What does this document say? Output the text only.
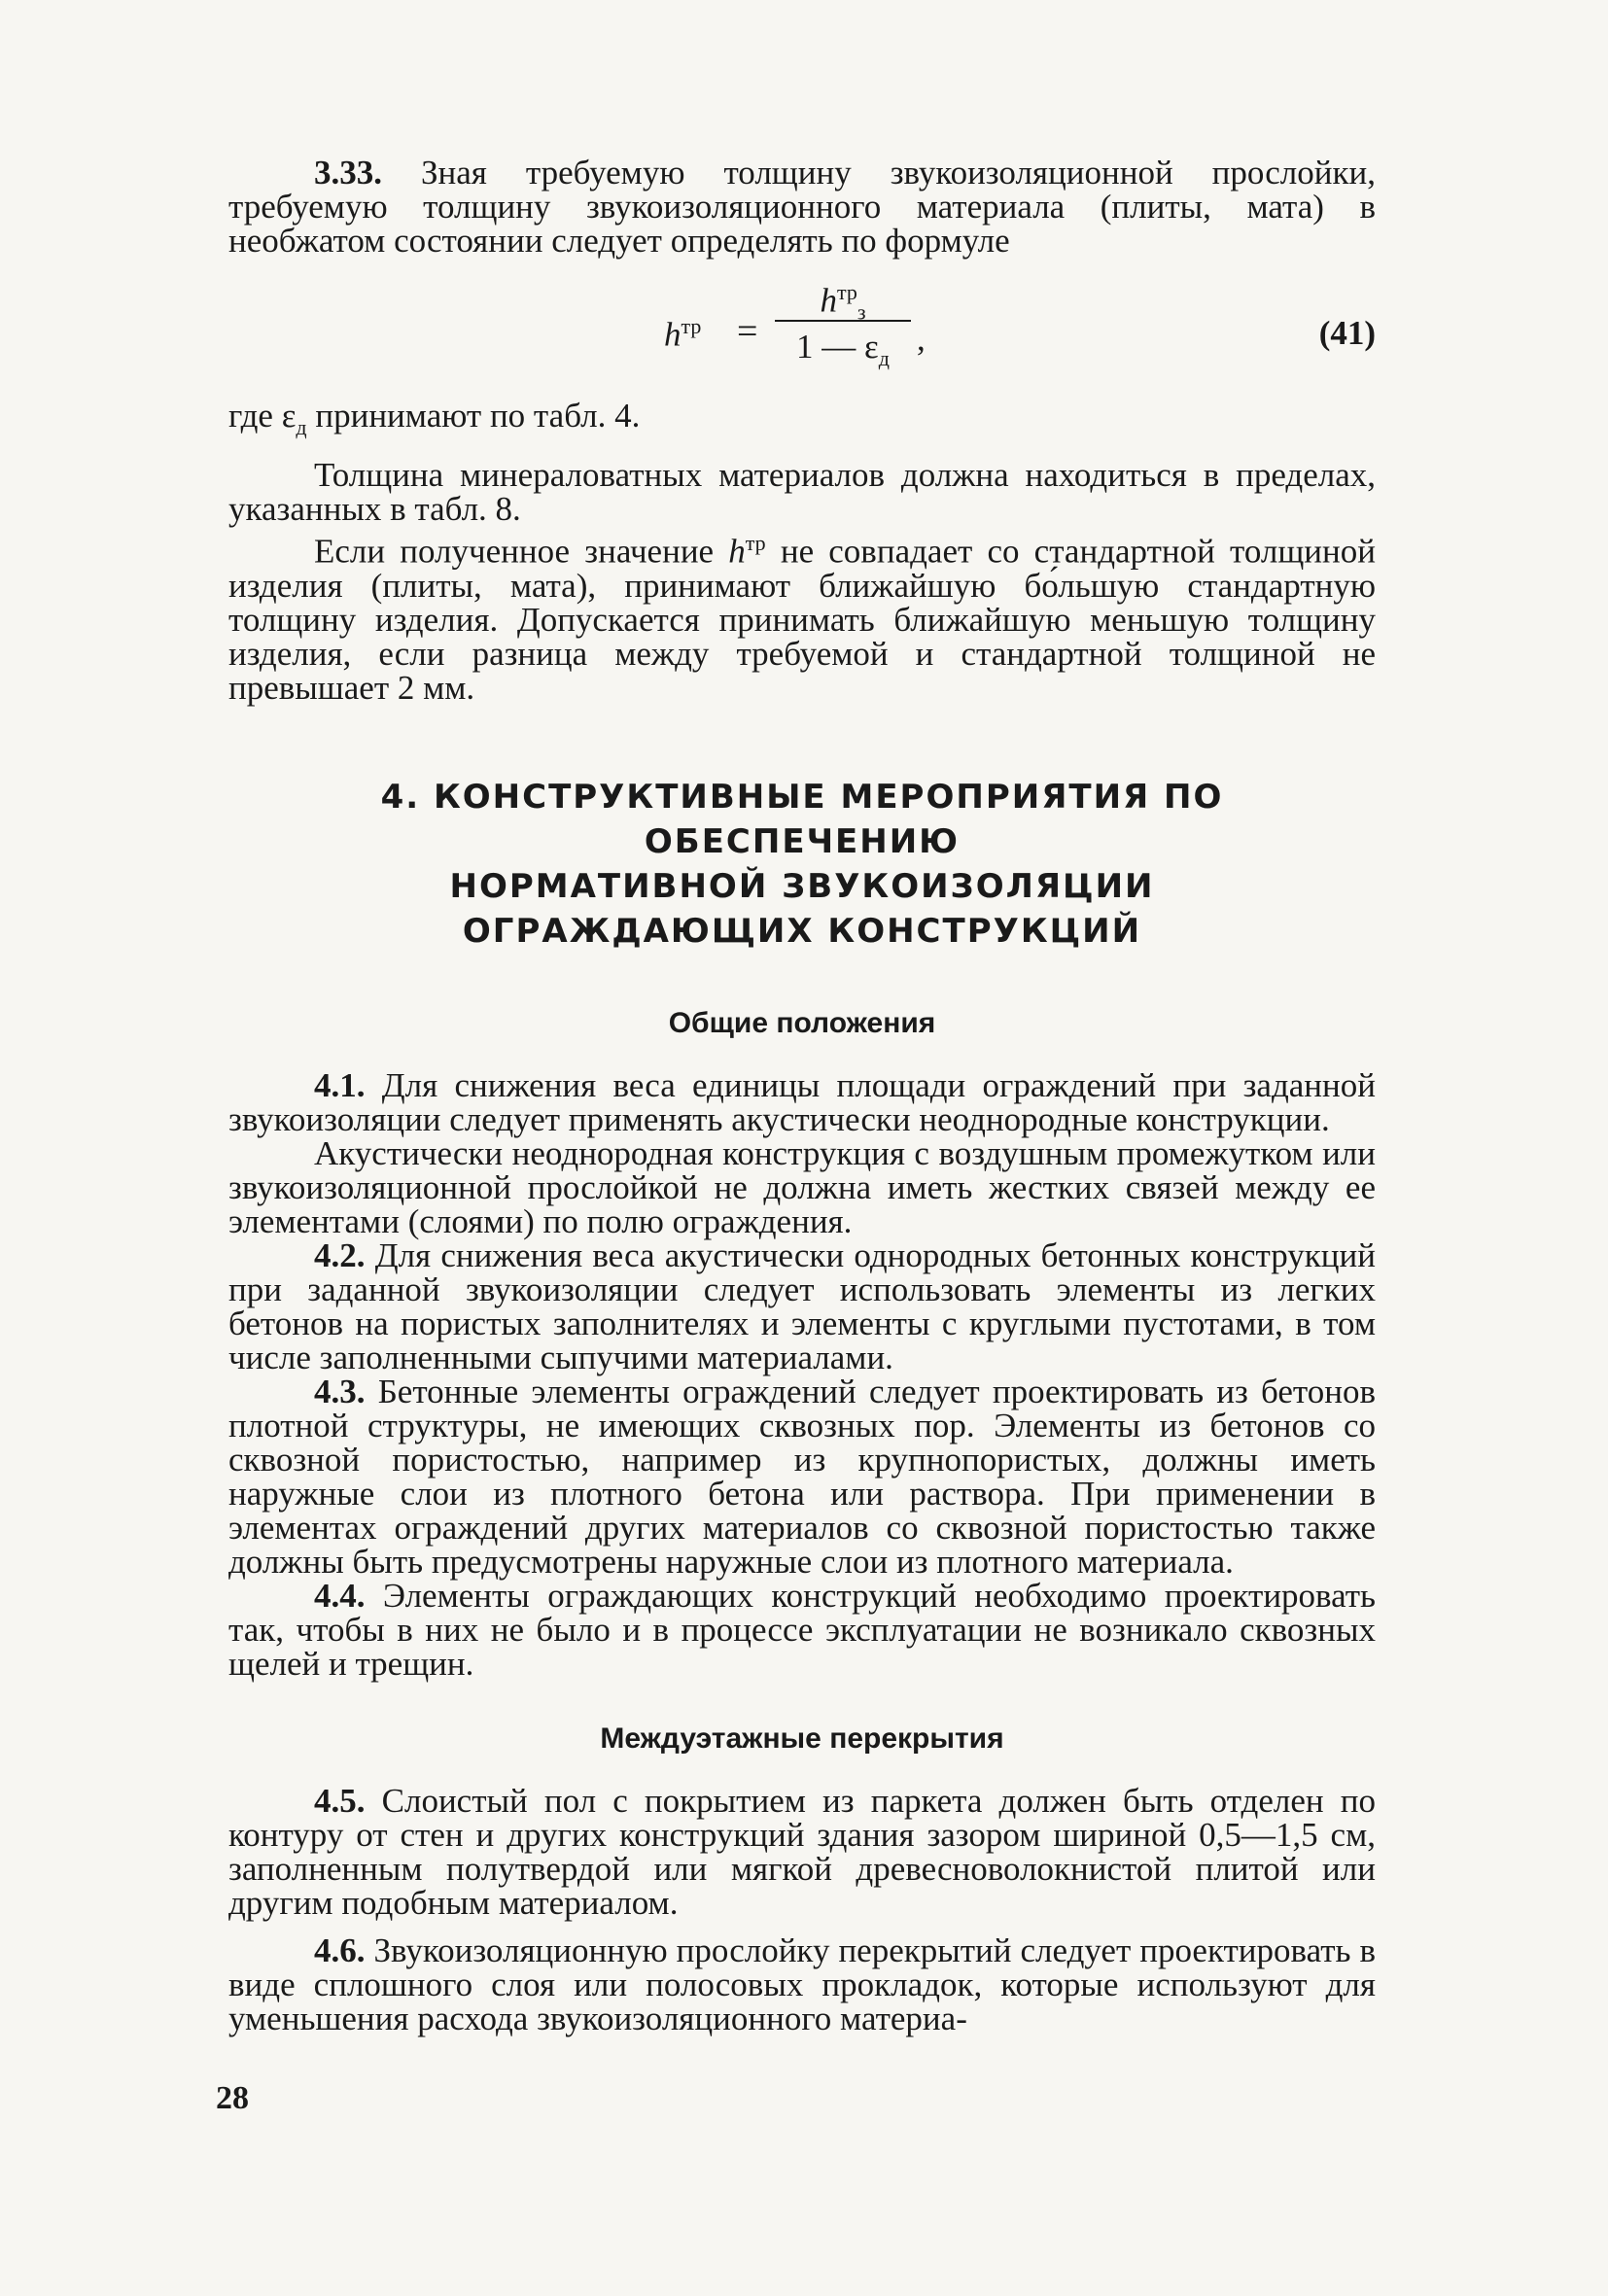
3.33. Зная требуемую толщину звукоизоляционной прослойки, требуемую толщину звукоизоляционного материала (плиты, мата) в необжатом состоянии следует определять по формуле

$h^{тр}$ =
$h^{тр}_з$
1 — $\varepsilon_д$
,	(41)

где $\varepsilon_д$ принимают по табл. 4.

Толщина минераловатных материалов должна находиться в пределах, указанных в табл. 8.

Если полученное значение $h^{тр}$ не совпадает со стандартной толщиной изделия (плиты, мата), принимают ближайшую бо́льшую стандартную толщину изделия. Допускается принимать ближайшую меньшую толщину изделия, если разница между требуемой и стандартной толщиной не превышает 2 мм.

4. КОНСТРУКТИВНЫЕ МЕРОПРИЯТИЯ ПО ОБЕСПЕЧЕНИЮ
НОРМАТИВНОЙ ЗВУКОИЗОЛЯЦИИ
ОГРАЖДАЮЩИХ КОНСТРУКЦИЙ
Общие положения

4.1. Для снижения веса единицы площади ограждений при заданной звукоизоляции следует применять акустически неоднородные конструкции.

Акустически неоднородная конструкция с воздушным промежутком или звукоизоляционной прослойкой не должна иметь жестких связей между ее элементами (слоями) по полю ограждения.

4.2. Для снижения веса акустически однородных бетонных конструкций при заданной звукоизоляции следует использовать элементы из легких бетонов на пористых заполнителях и элементы с круглыми пустотами, в том числе заполненными сыпучими материалами.

4.3. Бетонные элементы ограждений следует проектировать из бетонов плотной структуры, не имеющих сквозных пор. Элементы из бетонов со сквозной пористостью, например из крупнопористых, должны иметь наружные слои из плотного бетона или раствора. При применении в элементах ограждений других материалов со сквозной пористостью также должны быть предусмотрены наружные слои из плотного материала.

4.4. Элементы ограждающих конструкций необходимо проектировать так, чтобы в них не было и в процессе эксплуатации не возникало сквозных щелей и трещин.

Междуэтажные перекрытия

4.5. Слоистый пол с покрытием из паркета должен быть отделен по контуру от стен и других конструкций здания зазором шириной 0,5—1,5 см, заполненным полутвердой или мягкой древесноволокнистой плитой или другим подобным материалом.

4.6. Звукоизоляционную прослойку перекрытий следует проектировать в виде сплошного слоя или полосовых прокладок, которые используют для уменьшения расхода звукоизоляционного материа-

28
